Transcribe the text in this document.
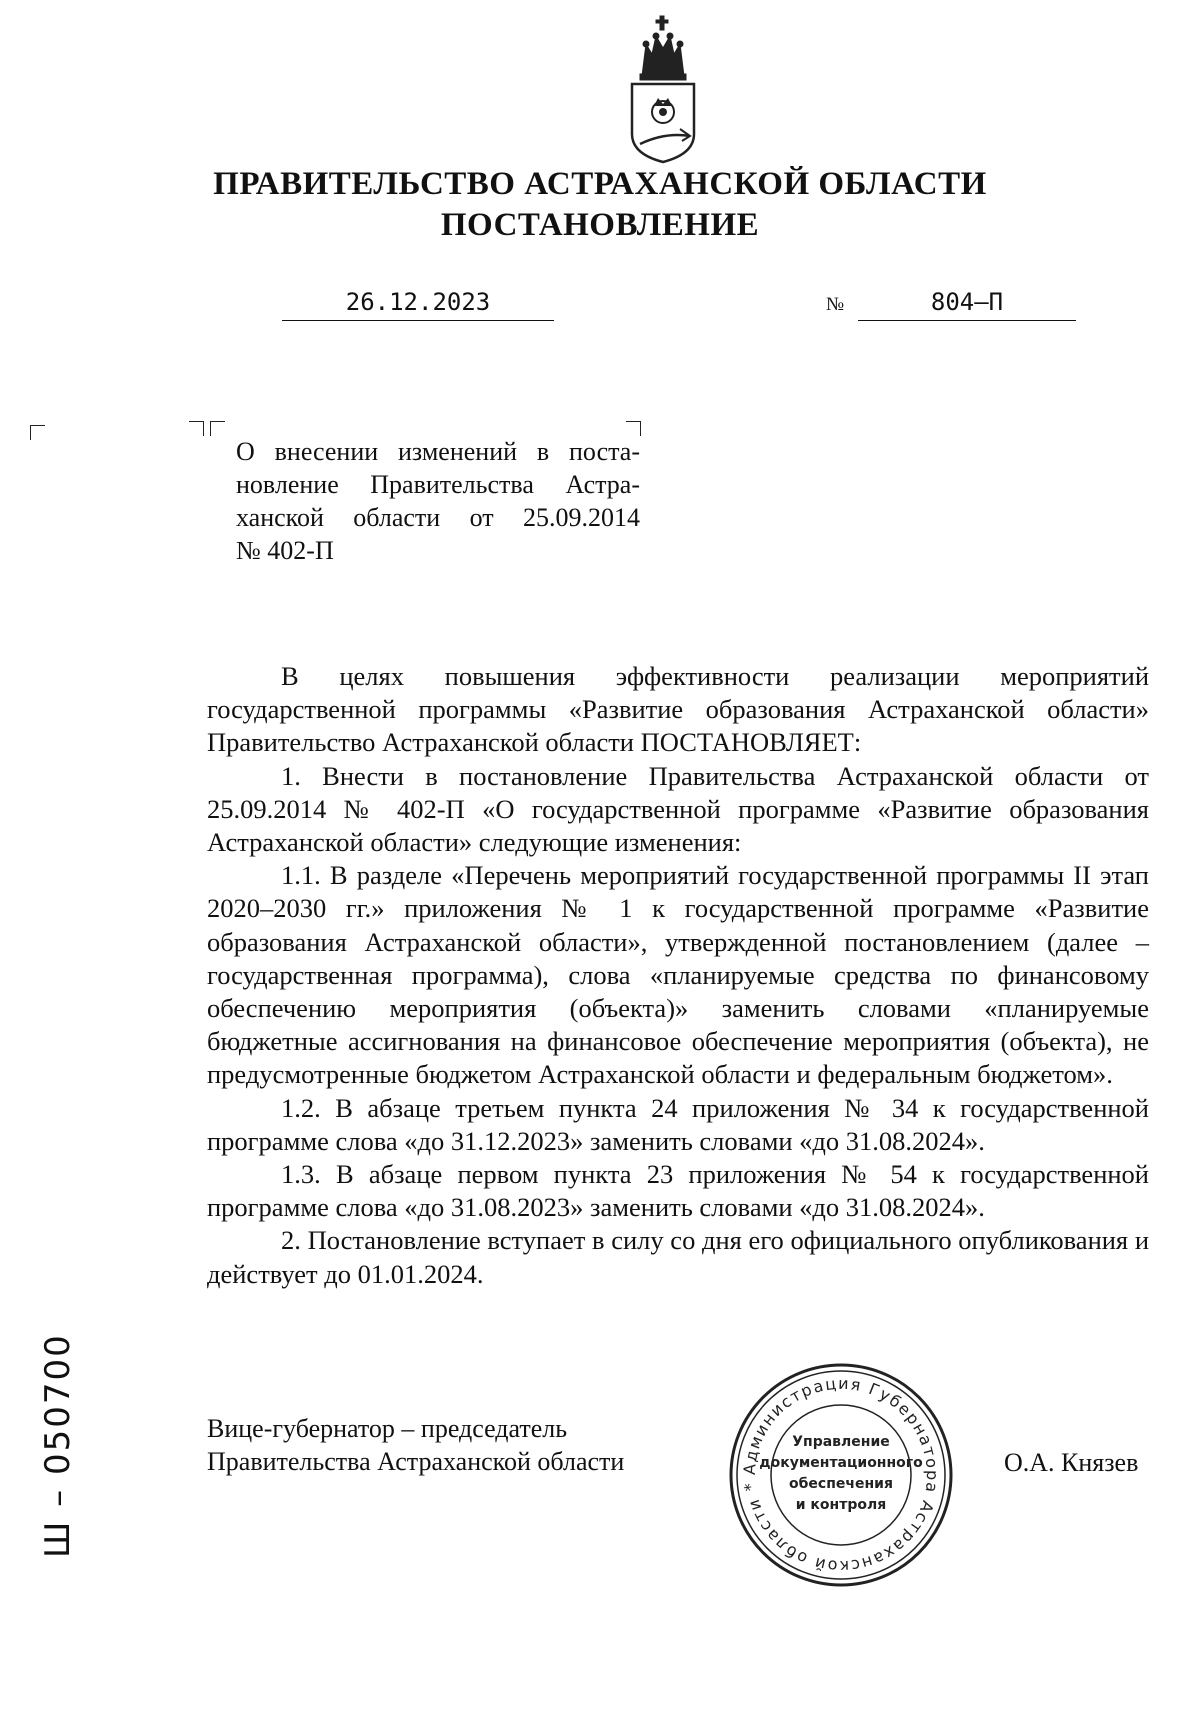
ПРАВИТЕЛЬСТВО АСТРАХАНСКОЙ ОБЛАСТИ
ПОСТАНОВЛЕНИЕ
26.12.2023	№	804–П
О внесении изменений в поста-
новление Правительства Астра-
ханской области от 25.09.2014
№ 402-П

В целях повышения эффективности реализации мероприятий государственной программы «Развитие образования Астраханской области» Правительство Астраханской области ПОСТАНОВЛЯЕТ:

1. Внести в постановление Правительства Астраханской области от 25.09.2014 № 402-П «О государственной программе «Развитие образования Астраханской области» следующие изменения:

1.1. В разделе «Перечень мероприятий государственной программы II этап 2020–2030 гг.» приложения № 1 к государственной программе «Развитие образования Астраханской области», утвержденной постановлением (далее – государственная программа), слова «планируемые средства по финансовому обеспечению мероприятия (объекта)» заменить словами «планируемые бюджетные ассигнования на финансовое обеспечение мероприятия (объекта), не предусмотренные бюджетом Астраханской области и федеральным бюджетом».

1.2. В абзаце третьем пункта 24 приложения № 34 к государственной программе слова «до 31.12.2023» заменить словами «до 31.08.2024».

1.3. В абзаце первом пункта 23 приложения № 54 к государственной программе слова «до 31.08.2023» заменить словами «до 31.08.2024».

2. Постановление вступает в силу со дня его официального опубликования и действует до 01.01.2024.

Вице-губернатор – председатель
Правительства Астраханской области	Администрация Губернатора Астраханской области *
Управление
документационного
обеспечения
и контроля
О.А. Князев
Ш – 050700
